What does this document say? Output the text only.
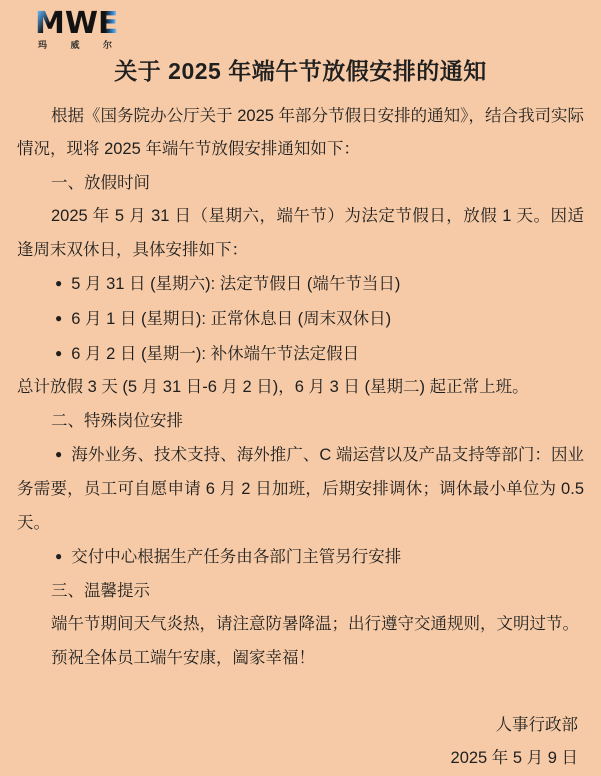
MWE
玛	威	尔
关于 2025 年端午节放假安排的通知

根据《国务院办公厅关于 2025 年部分节假日安排的通知》，结合我司实际情况，现将 2025 年端午节放假安排通知如下：

一、放假时间

2025 年 5 月 31 日（星期六，端午节）为法定节假日，放假 1 天。因适逢周末双休日，具体安排如下：

● 5 月 31 日 (星期六): 法定节假日 (端午节当日)

● 6 月 1 日 (星期日): 正常休息日 (周末双休日)

● 6 月 2 日 (星期一): 补休端午节法定假日

总计放假 3 天 (5 月 31 日-6 月 2 日)，6 月 3 日 (星期二) 起正常上班。

二、特殊岗位安排

● 海外业务、技术支持、海外推广、C 端运营以及产品支持等部门：因业务需要，员工可自愿申请 6 月 2 日加班，后期安排调休；调休最小单位为 0.5 天。

● 交付中心根据生产任务由各部门主管另行安排

三、温馨提示

端午节期间天气炎热，请注意防暑降温；出行遵守交通规则，文明过节。

预祝全体员工端午安康，阖家幸福！

人事行政部
2025 年 5 月 9 日
